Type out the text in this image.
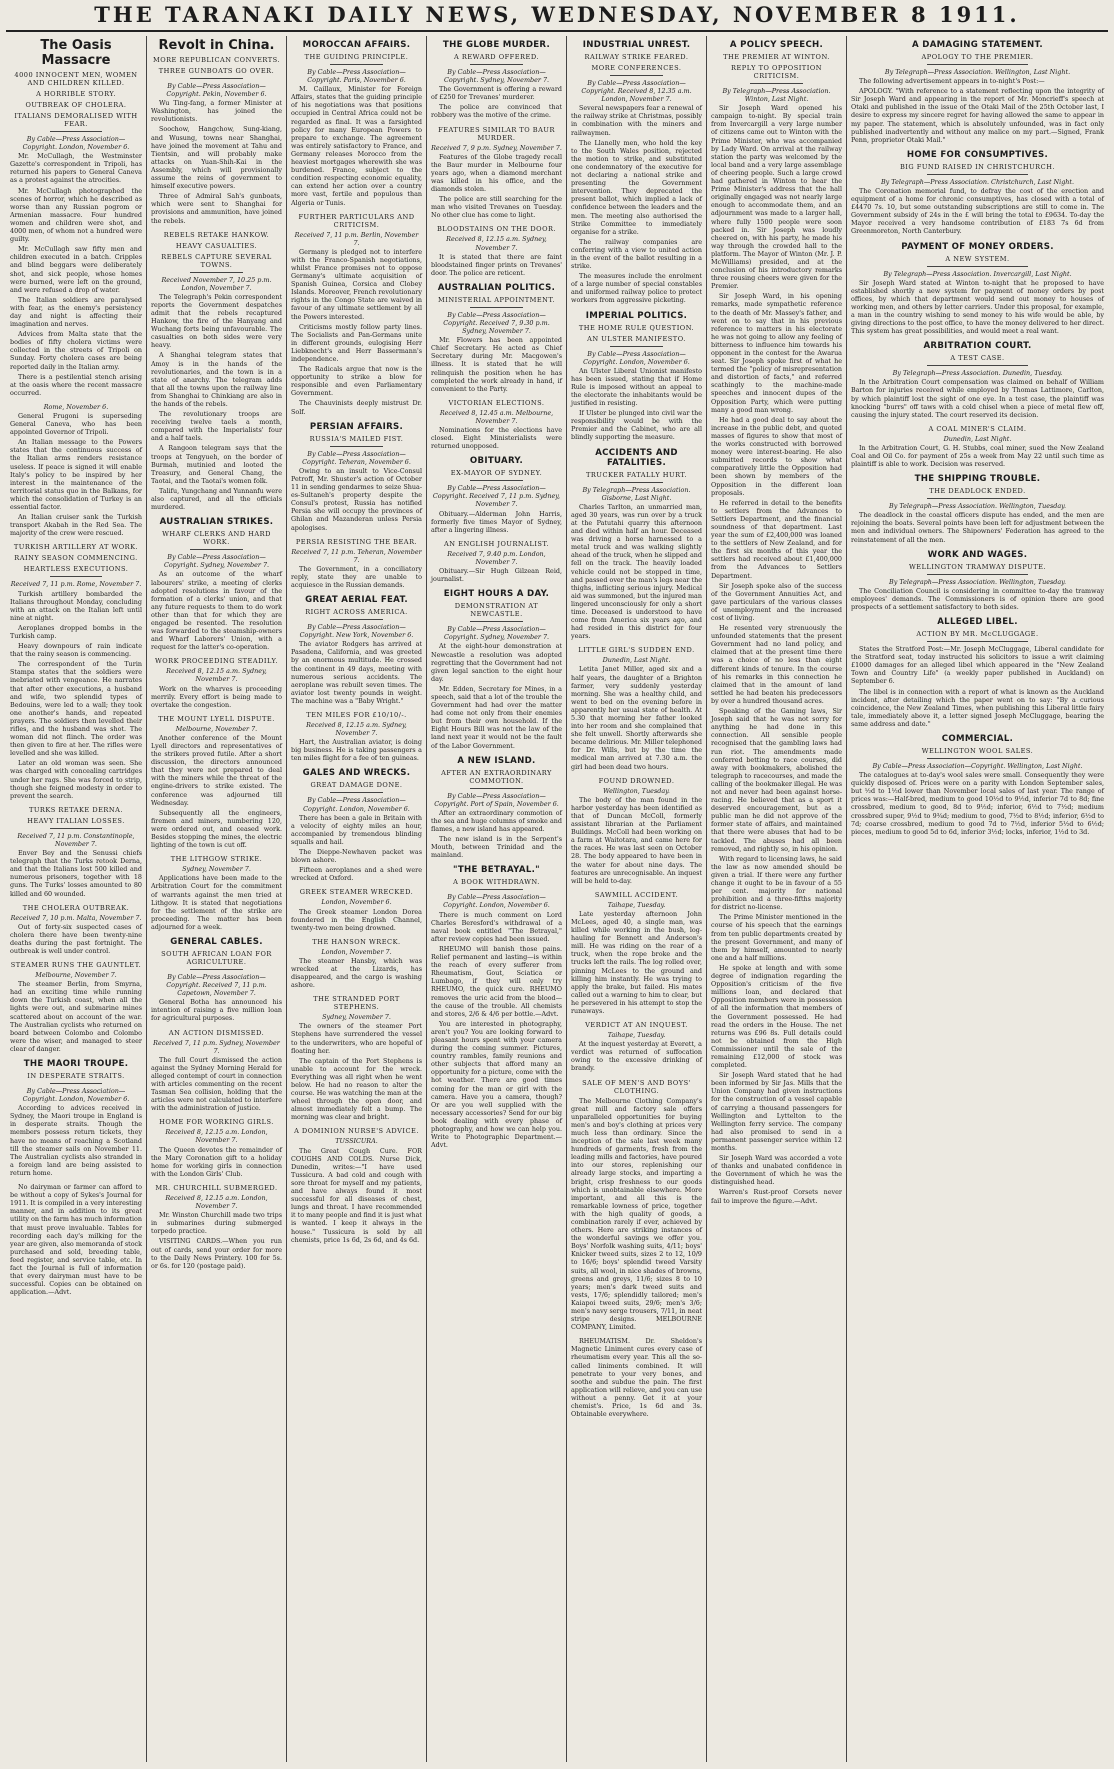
THE TARANAKI DAILY NEWS, WEDNESDAY, NOVEMBER 8 1911.
The Oasis Massacre
4000 INNOCENT MEN, WOMEN AND CHILDREN KILLED.
A HORRIBLE STORY.
OUTBREAK OF CHOLERA.
ITALIANS DEMORALISED WITH FEAR.
By Cable—Press Association—Copyright. London, November 6.

Mr. McCullagh, the Westminster Gazette's correspondent in Tripoli, has returned his papers to General Caneva as a protest against the atrocities.

Mr. McCullagh photographed the scenes of horror, which he described as worse than any Russian pogrom or Armenian massacre. Four hundred women and children were shot, and 4000 men, of whom not a hundred were guilty.

Mr. McCullagh saw fifty men and children executed in a batch. Cripples and blind beggars were deliberately shot, and sick people, whose homes were burned, were left on the ground, and were refused a drop of water.

The Italian soldiers are paralysed with fear, as the enemy's persistency day and night is affecting their imagination and nerves.

Advices from Malta state that the bodies of fifty cholera victims were collected in the streets of Tripoli on Sunday. Forty cholera cases are being reported daily in the Italian army.

There is a pestilential stench arising at the oasis where the recent massacre occurred.

Rome, November 6.

General Frugoni is superseding General Caneva, who has been appointed Governor of Tripoli.

An Italian message to the Powers states that the continuous success of the Italian arms renders resistance useless. If peace is signed it will enable Italy's policy to be inspired by her interest in the maintenance of the territorial status quo in the Balkans, for which the consolidation of Turkey is an essential factor.

An Italian cruiser sank the Turkish transport Akabah in the Red Sea. The majority of the crew were rescued.

TURKISH ARTILLERY AT WORK.
RAINY SEASON COMMENCING.
HEARTLESS EXECUTIONS.
Received 7, 11 p.m. Rome, November 7.

Turkish artillery bombarded the Italians throughout Monday, concluding with an attack on the Italian left until nine at night.

Aeroplanes dropped bombs in the Turkish camp.

Heavy downpours of rain indicate that the rainy season is commencing.

The correspondent of the Turin Stampa states that the soldiers were inebriated with vengeance. He narrates that after other executions, a husband and wife, two splendid types of Bedouins, were led to a wall; they took one another's hands, and repeated prayers. The soldiers then levelled their rifles, and the husband was shot. The woman did not flinch. The order was then given to fire at her. The rifles were levelled and she was killed.

Later an old woman was seen. She was charged with concealing cartridges under her rags. She was forced to strip, though she feigned modesty in order to prevent the search.

TURKS RETAKE DERNA.
HEAVY ITALIAN LOSSES.
Received 7, 11 p.m. Constantinople, November 7.

Enver Bey and the Senussi chiefs telegraph that the Turks retook Derna, and that the Italians lost 500 killed and numerous prisoners, together with 18 guns. The Turks' losses amounted to 80 killed and 60 wounded.

THE CHOLERA OUTBREAK.
Received 7, 10 p.m. Malta, November 7.

Out of forty-six suspected cases of cholera there have been twenty-nine deaths during the past fortnight. The outbreak is well under control.

STEAMER RUNS THE GAUNTLET.
Melbourne, November 7.

The steamer Berlin, from Smyrna, had an exciting time while running down the Turkish coast, when all the lights were out, and submarine mines scattered about on account of the war. The Australian cyclists who returned on board between Colombo and Colombo were the wiser, and managed to steer clear of danger.

THE MAORI TROUPE.
IN DESPERATE STRAITS.
By Cable—Press Association—Copyright. London, November 6.

According to advices received in Sydney, the Maori troupe in England is in desperate straits. Though the members possess return tickets, they have no means of reaching a Scotland till the steamer sails on November 11. The Australian cyclists also stranded in a foreign land are being assisted to return home.

No dairyman or farmer can afford to be without a copy of Sykes's Journal for 1911. It is compiled in a very interesting manner, and in addition to its great utility on the farm has much information that must prove invaluable. Tables for recording each day's milking for the year are given, also memoranda of stock purchased and sold, breeding table, feed register, and service table, etc. In fact the Journal is full of information that every dairyman must have to be successful. Copies can be obtained on application.—Advt.

Revolt in China.
MORE REPUBLICAN CONVERTS.
THREE GUNBOATS GO OVER.
By Cable—Press Association—Copyright. Pekin, November 6.

Wu Ting-fang, a former Minister at Washington, has joined the revolutionists.

Soochow, Hangchow, Sung-kiang, and Wusung, towns near Shanghai, have joined the movement at Tahu and Tientsin, and will probably make attacks on Yuan-Shih-Kai in the Assembly, which will provisionally assume the reins of government to himself executive powers.

Three of Admiral Sah's gunboats, which were sent to Shanghai for provisions and ammunition, have joined the rebels.

REBELS RETAKE HANKOW.
HEAVY CASUALTIES.
REBELS CAPTURE SEVERAL TOWNS.
Received November 7, 10.25 p.m. London, November 7.

The Telegraph's Pekin correspondent reports the Government despatches admit that the rebels recaptured Hankow, the fire of the Hanyang and Wuchang forts being unfavourable. The casualties on both sides were very heavy.

A Shanghai telegram states that Amoy is in the hands of the revolutionaries, and the town is in a state of anarchy. The telegram adds that all the towns upon the railway line from Shanghai to Chinkiang are also in the hands of the rebels.

The revolutionary troops are receiving twelve taels a month, compared with the Imperialists' four and a half taels.

A Rangoon telegram says that the troops at Tengyueh, on the border of Burmah, mutinied and looted the Treasury, and General Chang, the Taotai, and the Taotai's women folk.

Talifu, Yungchang and Yunnanfu were also captured, and all the officials murdered.

AUSTRALIAN STRIKES.
WHARF CLERKS AND HARD WORK.
By Cable—Press Association—Copyright. Sydney, November 7.

As an outcome of the wharf labourers' strike, a meeting of clerks adopted resolutions in favour of the formation of a clerks' union, and that any future requests to them to do work other than that for which they are engaged be resented. The resolution was forwarded to the steamship-owners and Wharf Laborers' Union, with a request for the latter's co-operation.

WORK PROCEEDING STEADILY.
Received 8, 12.15 a.m. Sydney, November 7.

Work on the wharves is proceeding merrily. Every effort is being made to overtake the congestion.

THE MOUNT LYELL DISPUTE.
Melbourne, November 7.

Another conference of the Mount Lyell directors and representatives of the strikers proved futile. After a short discussion, the directors announced that they were not prepared to deal with the miners while the threat of the engine-drivers to strike existed. The conference was adjourned till Wednesday.

Subsequently all the engineers, firemen and miners, numbering 120, were ordered out, and ceased work. Besides stopping the mines, the electric lighting of the town is cut off.

THE LITHGOW STRIKE.
Sydney, November 7.

Applications have been made to the Arbitration Court for the commitment of warrants against the men tried at Lithgow. It is stated that negotiations for the settlement of the strike are proceeding. The matter has been adjourned for a week.

GENERAL CABLES.
SOUTH AFRICAN LOAN FOR AGRICULTURE.
By Cable—Press Association—Copyright. Received 7, 11 p.m. Capetown, November 7.

General Botha has announced his intention of raising a five million loan for agricultural purposes.

AN ACTION DISMISSED.
Received 7, 11 p.m. Sydney, November 7.

The full Court dismissed the action against the Sydney Morning Herald for alleged contempt of court in connection with articles commenting on the recent Tasman Sea collision, holding that the articles were not calculated to interfere with the administration of justice.

HOME FOR WORKING GIRLS.
Received 8, 12.15 a.m. London, November 7.

The Queen devotes the remainder of the Mary Coronation gift to a holiday home for working girls in connection with the London Girls' Club.

MR. CHURCHILL SUBMERGED.
Received 8, 12.15 a.m. London, November 7.

Mr. Winston Churchill made two trips in submarines during submerged torpedo practice.

VISITING CARDS.—When you run out of cards, send your order for more to the Daily News Printery. 100 for 5s. or 6s. for 120 (postage paid).

MOROCCAN AFFAIRS.
THE GUIDING PRINCIPLE.
By Cable—Press Association—Copyright. Paris, November 6.

M. Caillaux, Minister for Foreign Affairs, states that the guiding principle of his negotiations was that positions occupied in Central Africa could not be regarded as final. It was a farsighted policy for many European Powers to prepare to exchange. The agreement was entirely satisfactory to France, and Germany releases Morocco from the heaviest mortgages wherewith she was burdened. France, subject to the condition respecting economic equality, can extend her action over a country more vast, fertile and populous than Algeria or Tunis.

FURTHER PARTICULARS AND CRITICISM.
Received 7, 11 p.m. Berlin, November 7.

Germany is pledged not to interfere with the Franco-Spanish negotiations, whilst France promises not to oppose Germany's ultimate acquisition of Spanish Guinea, Corsica and Clobey Islands. Moreover, French revolutionary rights in the Congo State are waived in favour of any ultimate settlement by all the Powers interested.

Criticisms mostly follow party lines. The Socialists and Pan-Germans unite in different grounds, eulogising Herr Liebknecht's and Herr Bassermann's independence.

The Radicals argue that now is the opportunity to strike a blow for responsible and even Parliamentary Government.

The Chauvinists deeply mistrust Dr. Solf.

PERSIAN AFFAIRS.
RUSSIA'S MAILED FIST.
By Cable—Press Association—Copyright. Teheran, November 6.

Owing to an insult to Vice-Consul Petroff, Mr. Shuster's action of October 11 in sending gendarmes to seize Shua-es-Sultaneh's property despite the Consul's protest, Russia has notified Persia she will occupy the provinces of Ghilan and Mazanderan unless Persia apologises.

PERSIA RESISTING THE BEAR.
Received 7, 11 p.m. Teheran, November 7.

The Government, in a conciliatory reply, state they are unable to acquiesce in the Russian demands.

GREAT AERIAL FEAT.
RIGHT ACROSS AMERICA.
By Cable—Press Association—Copyright. New York, November 6.

The aviator Rodgers has arrived at Pasadena, California, and was greeted by an enormous multitude. He crossed the continent in 49 days, meeting with numerous serious accidents. The aeroplane was rebuilt seven times. The aviator lost twenty pounds in weight. The machine was a "Baby Wright."

TEN MILES FOR £10/10/-.
Received 8, 12.15 a.m. Sydney, November 7.

Hart, the Australian aviator, is doing big business. He is taking passengers a ten miles flight for a fee of ten guineas.

GALES AND WRECKS.
GREAT DAMAGE DONE.
By Cable—Press Association—Copyright. London, November 6.

There has been a gale in Britain with a velocity of eighty miles an hour, accompanied by tremendous blinding squalls and hail.

The Dieppe-Newhaven packet was blown ashore.

Fifteen aeroplanes and a shed were wrecked at Oxford.

GREEK STEAMER WRECKED.
London, November 6.

The Greek steamer London Dorea foundered in the English Channel, twenty-two men being drowned.

THE HANSON WRECK.
London, November 7.

The steamer Hansby, which was wrecked at the Lizards, has disappeared, and the cargo is washing ashore.

THE STRANDED PORT STEPHENS.
Sydney, November 7.

The owners of the steamer Port Stephens have surrendered the vessel to the underwriters, who are hopeful of floating her.

The captain of the Port Stephens is unable to account for the wreck. Everything was all right when he went below. He had no reason to alter the course. He was watching the man at the wheel through the open door, and almost immediately felt a bump. The morning was clear and bright.

A DOMINION NURSE'S ADVICE.
TUSSICURA.

The Great Cough Cure. FOR COUGHS AND COLDS. Nurse Dick, Dunedin, writes:—"I have used Tussicura. A bad cold and cough with sore throat for myself and my patients, and have always found it most successful for all diseases of chest, lungs and throat. I have recommended it to many people and find it is just what is wanted. I keep it always in the house." Tussicura is sold by all chemists, price 1s 6d, 2s 6d, and 4s 6d.

THE GLOBE MURDER.
A REWARD OFFERED.
By Cable—Press Association—Copyright. Sydney, November 7.

The Government is offering a reward of £250 for Trevanes' murderer.

The police are convinced that robbery was the motive of the crime.

FEATURES SIMILAR TO BAUR MURDER.
Received 7, 9 p.m. Sydney, November 7.

Features of the Globe tragedy recall the Baur murder in Melbourne four years ago, when a diamond merchant was killed in his office, and the diamonds stolen.

The police are still searching for the man who visited Trevanes on Tuesday. No other clue has come to light.

BLOODSTAINS ON THE DOOR.
Received 8, 12.15 a.m. Sydney, November 7.

It is stated that there are faint bloodstained finger prints on Trevanes' door. The police are reticent.

AUSTRALIAN POLITICS.
MINISTERIAL APPOINTMENT.
By Cable—Press Association—Copyright. Received 7, 9.30 p.m. Sydney, November 7.

Mr. Flowers has been appointed Chief Secretary. He acted as Chief Secretary during Mr. Macgowen's illness. It is stated that he will relinquish the position when he has completed the work already in hand, if convenient to the Party.

VICTORIAN ELECTIONS.
Received 8, 12.45 a.m. Melbourne, November 7.

Nominations for the elections have closed. Eight Ministerialists were returned unopposed.

OBITUARY.
EX-MAYOR OF SYDNEY.
By Cable—Press Association—Copyright. Received 7, 11 p.m. Sydney, November 7.

Obituary.—Alderman John Harris, formerly five times Mayor of Sydney, after a lingering illness.

AN ENGLISH JOURNALIST.
Received 7, 9.40 p.m. London, November 7.

Obituary.—Sir Hugh Gilzean Reid, journalist.

EIGHT HOURS A DAY.
DEMONSTRATION AT NEWCASTLE.
By Cable—Press Association—Copyright. Sydney, November 7.

At the eight-hour demonstration at Newcastle a resolution was adopted regretting that the Government had not given legal sanction to the eight hour day.

Mr. Edden, Secretary for Mines, in a speech, said that a lot of the trouble the Government had had over the matter had come not only from their enemies but from their own household. If the Eight Hours Bill was not the law of the land next year it would not be the fault of the Labor Government.

A NEW ISLAND.
AFTER AN EXTRAORDINARY COMMOTION.
By Cable—Press Association—Copyright. Port of Spain, November 6.

After an extraordinary commotion of the sea and huge columns of smoke and flames, a new island has appeared.

The new island is in the Serpent's Mouth, between Trinidad and the mainland.

"THE BETRAYAL."
A BOOK WITHDRAWN.
By Cable—Press Association—Copyright. London, November 6.

There is much comment on Lord Charles Beresford's withdrawal of a naval book entitled "The Betrayal," after review copies had been issued.

RHEUMO will banish those pains. Relief permanent and lasting—is within the reach of every sufferer from Rheumatism, Gout, Sciatica or Lumbago, if they will only try RHEUMO, the quick cure. RHEUMO removes the uric acid from the blood—the cause of the trouble. All chemists and stores, 2/6 & 4/6 per bottle.—Advt.

You are interested in photography, aren't you? You are looking forward to pleasant hours spent with your camera during the coming summer. Pictures, country rambles, family reunions and other subjects that afford many an opportunity for a picture, come with the hot weather. There are good times coming for the man or girl with the camera. Have you a camera, though? Or are you well supplied with the necessary accessories? Send for our big book dealing with every phase of photography, and how we can help you. Write to Photographic Department.—Advt.

INDUSTRIAL UNREST.
RAILWAY STRIKE FEARED.
MORE CONFERENCES.
By Cable—Press Association—Copyright. Received 8, 12.35 a.m. London, November 7.

Several newspapers fear a renewal of the railway strike at Christmas, possibly in combination with the miners and railwaymen.

The Llanelly men, who hold the key to the South Wales position, rejected the motion to strike, and substituted one condemnatory of the executive for not declaring a national strike and presenting the Government intervention. They deprecated the present ballot, which implied a lack of confidence between the leaders and the men. The meeting also authorised the Strike Committee to immediately organise for a strike.

The railway companies are conferring with a view to united action in the event of the ballot resulting in a strike.

The measures include the enrolment of a large number of special constables and uniformed railway police to protect workers from aggressive picketing.

IMPERIAL POLITICS.
THE HOME RULE QUESTION.
AN ULSTER MANIFESTO.
By Cable—Press Association—Copyright. London, November 6.

An Ulster Liberal Unionist manifesto has been issued, stating that if Home Rule is imposed without an appeal to the electorate the inhabitants would be justified in resisting.

If Ulster be plunged into civil war the responsibility would be with the Premier and the Cabinet, who are all blindly supporting the measure.

ACCIDENTS AND FATALITIES.
TRUCKER FATALLY HURT.
By Telegraph—Press Association. Gisborne, Last Night.

Charles Tarlton, an unmarried man, aged 30 years, was run over by a truck at the Patutahi quarry this afternoon and died within half an hour. Deceased was driving a horse harnessed to a metal truck and was walking slightly ahead of the truck, when he slipped and fell on the track. The heavily loaded vehicle could not be stopped in time, and passed over the man's legs near the thighs, inflicting serious injury. Medical aid was summoned, but the injured man lingered unconsciously for only a short time. Deceased is understood to have come from America six years ago, and had resided in this district for four years.

LITTLE GIRL'S SUDDEN END.
Dunedin, Last Night.

Letita Janet Miller, aged six and a half years, the daughter of a Brighton farmer, very suddenly yesterday morning. She was a healthy child, and went to bed on the evening before in apparently her usual state of health. At 5.30 that morning her father looked into her room and she complained that she felt unwell. Shortly afterwards she became delirious. Mr. Miller telephoned for Dr. Wills, but by the time the medical man arrived at 7.30 a.m. the girl had been dead two hours.

FOUND DROWNED.
Wellington, Tuesday.

The body of the man found in the harbor yesterday has been identified as that of Duncan McColl, formerly assistant librarian at the Parliament Buildings. McColl had been working on a farm at Waitotara, and came here for the races. He was last seen on October 28. The body appeared to have been in the water for about nine days. The features are unrecognisable. An inquest will be held to-day.

SAWMILL ACCIDENT.
Taihape, Tuesday.

Late yesterday afternoon John McLees, aged 40, a single man, was killed while working in the bush, log-hauling for Bennett and Anderson's mill. He was riding on the rear of a truck, when the rope broke and the trucks left the rails. The log rolled over, pinning McLees to the ground and killing him instantly. He was trying to apply the brake, but failed. His mates called out a warning to him to clear, but he persevered in his attempt to stop the runaways.

VERDICT AT AN INQUEST.
Taihape, Tuesday.

At the inquest yesterday at Everett, a verdict was returned of suffocation owing to the excessive drinking of brandy.

SALE OF MEN'S AND BOYS' CLOTHING.

The Melbourne Clothing Company's great mill and factory sale offers unparalleled opportunities for buying men's and boy's clothing at prices very much less than ordinary. Since the inception of the sale last week many hundreds of garments, fresh from the leading mills and factories, have poured into our stores, replenishing our already large stocks, and imparting a bright, crisp freshness to our goods which is unobtainable elsewhere. More important, and all this is the remarkable lowness of price, together with the high quality of goods, a combination rarely if ever, achieved by others. Here are striking instances of the wonderful savings we offer you. Boys' Norfolk washing suits, 4/11; boys' Knicker tweed suits, sizes 2 to 12, 10/9 to 16/6; boys' splendid tweed Varsity suits, all wool, in nice shades of browns, greens and greys, 11/6; sizes 8 to 10 years; men's dark tweed suits and vests, 17/6; splendidly tailored; men's Kaiapoi tweed suits, 29/6; men's 3/6; men's navy serge trousers, 7/11, in neat stripe designs. MELBOURNE COMPANY, Limited.

RHEUMATISM. Dr. Sheldon's Magnetic Liniment cures every case of rheumatism every year. This all the so-called liniments combined. It will penetrate to your very bones, and soothe and subdue the pain. The first application will relieve, and you can use without a penny. Get it at your chemist's. Price, 1s 6d and 3s. Obtainable everywhere.

A POLICY SPEECH.
THE PREMIER AT WINTON.
REPLY TO OPPOSITION CRITICISM.
By Telegraph—Press Association. Winton, Last Night.

Sir Joseph Ward opened his campaign to-night. By special train from Invercargill a very large number of citizens came out to Winton with the Prime Minister, who was accompanied by Lady Ward. On arrival at the railway station the party was welcomed by the local band and a very large assemblage of cheering people. Such a large crowd had gathered in Winton to hear the Prime Minister's address that the hall originally engaged was not nearly large enough to accommodate them, and an adjournment was made to a larger hall, where fully 1500 people were soon packed in. Sir Joseph was loudly cheered on, with his party, he made his way through the crowded hall to the platform. The Mayor of Winton (Mr. J. P. McWilliams) presided, and at the conclusion of his introductory remarks three rousing cheers were given for the Premier.

Sir Joseph Ward, in his opening remarks, made sympathetic reference to the death of Mr. Massey's father, and went on to say that in his previous reference to matters in his electorate he was not going to allow any feeling of bitterness to influence him towards his opponent in the contest for the Awarua seat. Sir Joseph spoke first of what he termed the "policy of misrepresentation and distortion of facts," and referred scathingly to the machine-made speeches and innocent dupes of the Opposition Party, which were putting many a good man wrong.

He had a good deal to say about the increase in the public debt, and quoted masses of figures to show that most of the works constructed with borrowed money were interest-bearing. He also submitted records to show what comparatively little the Opposition had been shown by members of the Opposition in the different loan proposals.

He referred in detail to the benefits to settlers from the Advances to Settlers Department, and the financial soundness of that department. Last year the sum of £2,400,000 was loaned to the settlers of New Zealand, and for the first six months of this year the settlers had received about £1,400,000 from the Advances to Settlers Department.

Sir Joseph spoke also of the success of the Government Annuities Act, and gave particulars of the various classes of unemployment and the increased cost of living.

He resented very strenuously the unfounded statements that the present Government had no land policy, and claimed that at the present time there was a choice of no less than eight different kinds of tenure. In the course of his remarks in this connection he claimed that in the amount of land settled he had beaten his predecessors by over a hundred thousand acres.

Speaking of the Gaming laws, Sir Joseph said that he was not sorry for anything he had done in this connection. All sensible people recognised that the gambling laws had run riot. The amendments made conferred betting to race courses, did away with bookmakers, abolished the telegraph to racecourses, and made the calling of the bookmaker illegal. He was not and never had been against horse-racing. He believed that as a sport it deserved encouragement, but as a public man he did not approve of the former state of affairs, and maintained that there were abuses that had to be tackled. The abuses had all been removed, and rightly so, in his opinion.

With regard to licensing laws, he said the law as now amended should be given a trial. If there were any further change it ought to be in favour of a 55 per cent. majority for national prohibition and a three-fifths majority for district no-license.

The Prime Minister mentioned in the course of his speech that the earnings from ten public departments created by the present Government, and many of them by himself, amounted to nearly one and a half millions.

He spoke at length and with some degree of indignation regarding the Opposition's criticism of the five millions loan, and declared that Opposition members were in possession of all the information that members of the Government possessed. He had read the orders in the House. The net returns was £96 8s. Full details could not be obtained from the High Commissioner until the sale of the remaining £12,000 of stock was completed.

Sir Joseph Ward stated that he had been informed by Sir Jas. Mills that the Union Company had given instructions for the construction of a vessel capable of carrying a thousand passengers for Wellington and Lyttelton to the Wellington ferry service. The company had also promised to send in a permanent passenger service within 12 months.

Sir Joseph Ward was accorded a vote of thanks and unabated confidence in the Government of which he was the distinguished head.

Warren's Rust-proof Corsets never fail to improve the figure.—Advt.

A DAMAGING STATEMENT.
APOLOGY TO THE PREMIER.
By Telegraph—Press Association. Wellington, Last Night.

The following advertisement appears in to-night's Post:—

APOLOGY. "With reference to a statement reflecting upon the integrity of Sir Joseph Ward and appearing in the report of Mr. Moncrieff's speech at Otaki and published in the issue of the Otaki Mail of the 25th October last, I desire to express my sincere regret for having allowed the same to appear in my paper. The statement, which is absolutely unfounded, was in fact only published inadvertently and without any malice on my part.—Signed, Frank Penn, proprietor Otaki Mail."

HOME FOR CONSUMPTIVES.
BIG FUND RAISED IN CHRISTCHURCH.
By Telegraph—Press Association. Christchurch, Last Night.

The Coronation memorial fund, to defray the cost of the erection and equipment of a home for chronic consumptives, has closed with a total of £4470 7s. 10, but some outstanding subscriptions are still to come in. The Government subsidy of 24s in the £ will bring the total to £9634. To-day the Mayor received a very handsome contribution of £183 7s 6d from Greenmoreton, North Canterbury.

PAYMENT OF MONEY ORDERS.
A NEW SYSTEM.
By Telegraph—Press Association. Invercargill, Last Night.

Sir Joseph Ward stated at Winton to-night that he proposed to have established shortly a new system for payment of money orders by post offices, by which that department would send out money to houses of working men, and others by letter carriers. Under this proposal, for example, a man in the country wishing to send money to his wife would be able, by giving directions to the post office, to have the money delivered to her direct. This system has great possibilities, and would meet a real want.

ARBITRATION COURT.
A TEST CASE.
By Telegraph—Press Association. Dunedin, Tuesday.

In the Arbitration Court compensation was claimed on behalf of William Barton for injuries received while employed by Thomas Lattimore, Carlton, by which plaintiff lost the sight of one eye. In a test case, the plaintiff was knocking "burrs" off taws with a cold chisel when a piece of metal flew off, causing the injury stated. The court reserved its decision.

A COAL MINER'S CLAIM.
Dunedin, Last Night.

In the Arbitration Court, G. H. Stubbs, coal miner, sued the New Zealand Coal and Oil Co. for payment of 25s a week from May 22 until such time as plaintiff is able to work. Decision was reserved.

THE SHIPPING TROUBLE.
THE DEADLOCK ENDED.
By Telegraph—Press Association. Wellington, Tuesday.

The deadlock in the coastal officers dispute has ended, and the men are rejoining the boats. Several points have been left for adjustment between the men and individual owners. The Shipowners' Federation has agreed to the reinstatement of all the men.

WORK AND WAGES.
WELLINGTON TRAMWAY DISPUTE.
By Telegraph—Press Association. Wellington, Tuesday.

The Conciliation Council is considering in committee to-day the tramway employees' demands. The Commissioners is of opinion there are good prospects of a settlement satisfactory to both sides.

ALLEGED LIBEL.
ACTION BY MR. McCLUGGAGE.

States the Stratford Post:—Mr. Joseph McCluggage, Liberal candidate for the Stratford seat, today instructed his solicitors to issue a writ claiming £1000 damages for an alleged libel which appeared in the "New Zealand Town and Country Life" (a weekly paper published in Auckland) on September 6.

The libel is in connection with a report of what is known as the Auckland incident, after detailing which the paper went on to say: "By a curious coincidence, the New Zealand Times, when publishing this Liberal little fairy tale, immediately above it, a letter signed Joseph McCluggage, bearing the same address and date."

COMMERCIAL.
WELLINGTON WOOL SALES.
By Cable—Press Association—Copyright. Wellington, Last Night.

The catalogues at to-day's wool sales were small. Consequently they were quickly disposed of. Prices were on a parity with London September sales, but ½d to 1½d lower than November local sales of last year. The range of prices was:—Half-bred, medium to good 10½d to 9½d, inferior 7d to 8d; fine crossbred, medium to good, 8d to 9½d; inferior, 6½d to 7½d; medium crossbred super, 9½d to 9¾d; medium to good, 7½d to 8½d; inferior, 6½d to 7d; coarse crossbred, medium to good 7d to 7½d, inferior 5½d to 6½d; pieces, medium to good 5d to 6d, inferior 3½d; locks, inferior, 1½d to 3d.
